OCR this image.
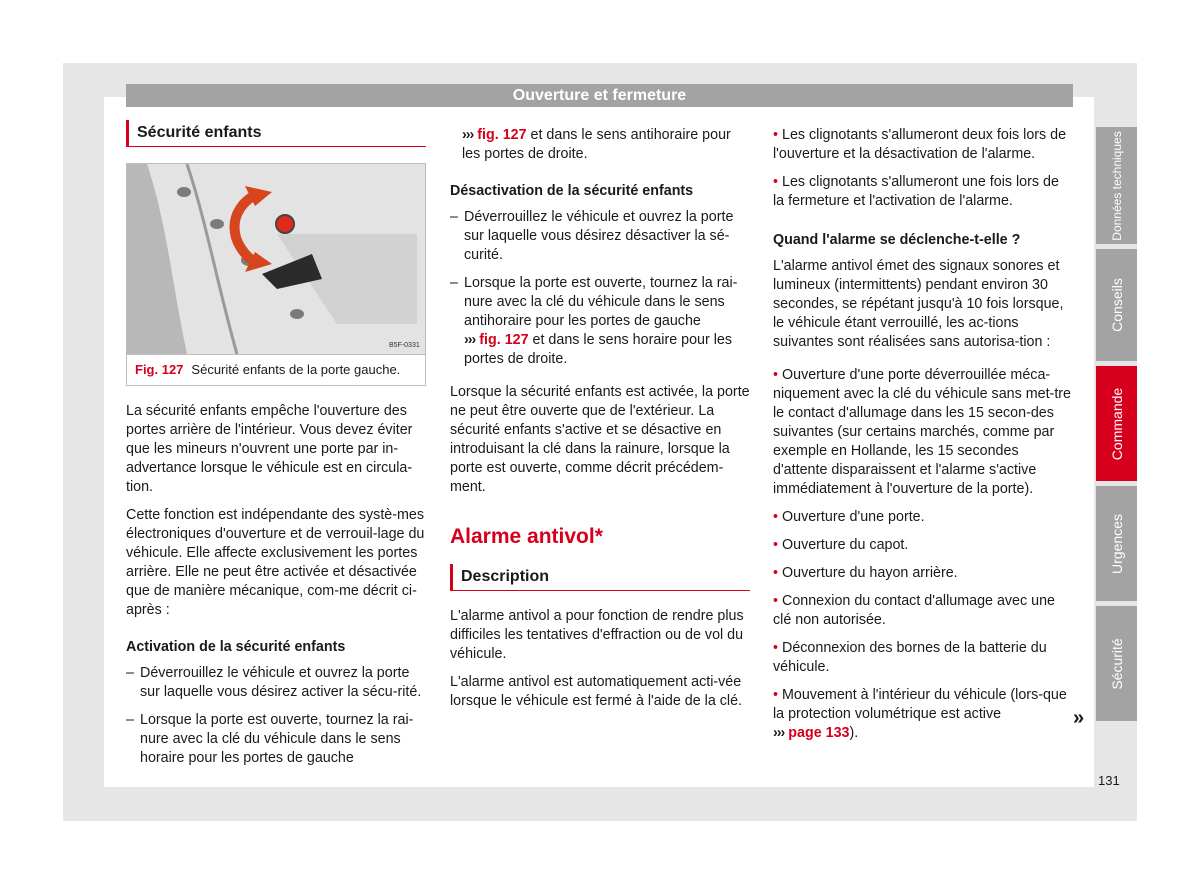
Ouverture et fermeture
Sécurité enfants
B5F-0331
Fig. 127 Sécurité enfants de la porte gauche.

La sécurité enfants empêche l'ouverture des portes arrière de l'intérieur. Vous devez éviter que les mineurs n'ouvrent une porte par in-advertance lorsque le véhicule est en circula-tion.

Cette fonction est indépendante des systè-mes électroniques d'ouverture et de verrouil-lage du véhicule. Elle affecte exclusivement les portes arrière. Elle ne peut être activée et désactivée que de manière mécanique, com-me décrit ci-après :

Activation de la sécurité enfants
– Déverrouillez le véhicule et ouvrez la porte sur laquelle vous désirez activer la sécu-rité.
– Lorsque la porte est ouverte, tournez la rai-nure avec la clé du véhicule dans le sens horaire pour les portes de gauche

››› fig. 127 et dans le sens antihoraire pour les portes de droite.

Désactivation de la sécurité enfants
– Déverrouillez le véhicule et ouvrez la porte sur laquelle vous désirez désactiver la sé-curité.
– Lorsque la porte est ouverte, tournez la rai-nure avec la clé du véhicule dans le sens antihoraire pour les portes de gauche
››› fig. 127 et dans le sens horaire pour les portes de droite.

Lorsque la sécurité enfants est activée, la porte ne peut être ouverte que de l'extérieur. La sécurité enfants s'active et se désactive en introduisant la clé dans la rainure, lorsque la porte est ouverte, comme décrit précédem-ment.

Alarme antivol*
Description

L'alarme antivol a pour fonction de rendre plus difficiles les tentatives d'effraction ou de vol du véhicule.

L'alarme antivol est automatiquement acti-vée lorsque le véhicule est fermé à l'aide de la clé.

• Les clignotants s'allumeront deux fois lors de l'ouverture et la désactivation de l'alarme.

• Les clignotants s'allumeront une fois lors de la fermeture et l'activation de l'alarme.

Quand l'alarme se déclenche-t-elle ?

L'alarme antivol émet des signaux sonores et lumineux (intermittents) pendant environ 30 secondes, se répétant jusqu'à 10 fois lorsque, le véhicule étant verrouillé, les ac-tions suivantes sont réalisées sans autorisa-tion :

• Ouverture d'une porte déverrouillée méca-niquement avec la clé du véhicule sans met-tre le contact d'allumage dans les 15 secon-des suivantes (sur certains marchés, comme par exemple en Hollande, les 15 secondes d'attente disparaissent et l'alarme s'active immédiatement à l'ouverture de la porte).

• Ouverture d'une porte.

• Ouverture du capot.

• Ouverture du hayon arrière.

• Connexion du contact d'allumage avec une clé non autorisée.

• Déconnexion des bornes de la batterie du véhicule.

• Mouvement à l'intérieur du véhicule (lors-que la protection volumétrique est active
››› page 133).

»
Données techniques
Conseils
Commande
Urgences
Sécurité
131
